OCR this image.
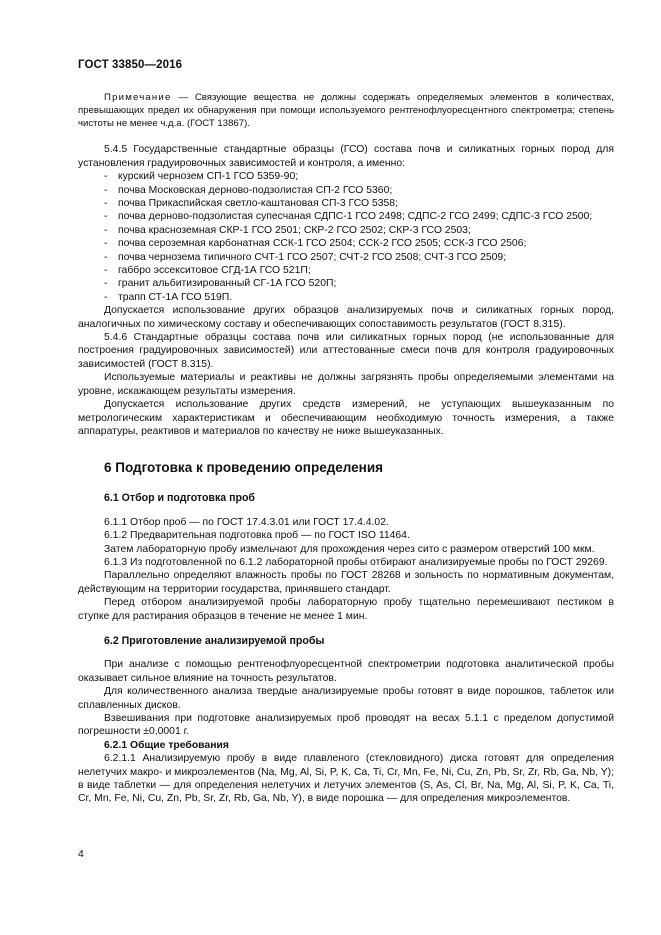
ГОСТ 33850—2016

Примечание — Связующие вещества не должны содержать определяемых элементов в количествах, превышающих предел их обнаружения при помощи используемого рентгенофлуоресцентного спектрометра; степень чистоты не менее ч.д.а. (ГОСТ 13867).

5.4.5 Государственные стандартные образцы (ГСО) состава почв и силикатных горных пород для установления градуировочных зависимостей и контроля, а именно:

- курский чернозем СП-1 ГСО 5359-90;
- почва Московская дерново-подзолистая СП-2 ГСО 5360;
- почва Прикаспийская светло-каштановая СП-3 ГСО 5358;
- почва дерново-подзолистая супесчаная СДПС-1 ГСО 2498; СДПС-2 ГСО 2499; СДПС-3 ГСО 2500;
- почва красноземная СКР-1 ГСО 2501; СКР-2 ГСО 2502; СКР-3 ГСО 2503;
- почва сероземная карбонатная ССК-1 ГСО 2504; ССК-2 ГСО 2505; ССК-3 ГСО 2506;
- почва чернозема типичного СЧТ-1 ГСО 2507; СЧТ-2 ГСО 2508; СЧТ-3 ГСО 2509;
- габбро эссекситовое СГД-1А ГСО 521П;
- гранит альбитизированный СГ-1А ГСО 520П;
- трапп СТ-1А ГСО 519П.

Допускается использование других образцов анализируемых почв и силикатных горных пород, аналогичных по химическому составу и обеспечивающих сопоставимость результатов (ГОСТ 8.315).

5.4.6 Стандартные образцы состава почв или силикатных горных пород (не использованные для построения градуировочных зависимостей) или аттестованные смеси почв для контроля градуировочных зависимостей (ГОСТ 8.315).

Используемые материалы и реактивы не должны загрязнять пробы определяемыми элементами на уровне, искажающем результаты измерения.

Допускается использование других средств измерений, не уступающих вышеуказанным по метрологическим характеристикам и обеспечивающим необходимую точность измерения, а также аппаратуры, реактивов и материалов по качеству не ниже вышеуказанных.

6 Подготовка к проведению определения
6.1 Отбор и подготовка проб

6.1.1 Отбор проб — по ГОСТ 17.4.3.01 или ГОСТ 17.4.4.02.

6.1.2 Предварительная подготовка проб — по ГОСТ ISO 11464.

Затем лабораторную пробу измельчают для прохождения через сито с размером отверстий 100 мкм.

6.1.3 Из подготовленной по 6.1.2 лабораторной пробы отбирают анализируемые пробы по ГОСТ 29269.

Параллельно определяют влажность пробы по ГОСТ 28268 и зольность по нормативным документам, действующим на территории государства, принявшего стандарт.

Перед отбором анализируемой пробы лабораторную пробу тщательно перемешивают пестиком в ступке для растирания образцов в течение не менее 1 мин.

6.2 Приготовление анализируемой пробы

При анализе с помощью рентгенофлуоресцентной спектрометрии подготовка аналитической пробы оказывает сильное влияние на точность результатов.

Для количественного анализа твердые анализируемые пробы готовят в виде порошков, таблеток или сплавленных дисков.

Взвешивания при подготовке анализируемых проб проводят на весах 5.1.1 с пределом допустимой погрешности ±0,0001 г.

6.2.1 Общие требования

6.2.1.1 Анализируемую пробу в виде плавленого (стекловидного) диска готовят для определения нелетучих макро- и микроэлементов (Na, Mg, Al, Si, P, K, Ca, Ti, Cr, Mn, Fe, Ni, Cu, Zn, Pb, Sr, Zr, Rb, Ga, Nb, Y); в виде таблетки — для определения нелетучих и летучих элементов (S, As, Cl, Br, Na, Mg, Al, Si, P, K, Ca, Ti, Cr, Mn, Fe, Ni, Cu, Zn, Pb, Sr, Zr, Rb, Ga, Nb, Y), в виде порошка — для определения микроэлементов.

4
